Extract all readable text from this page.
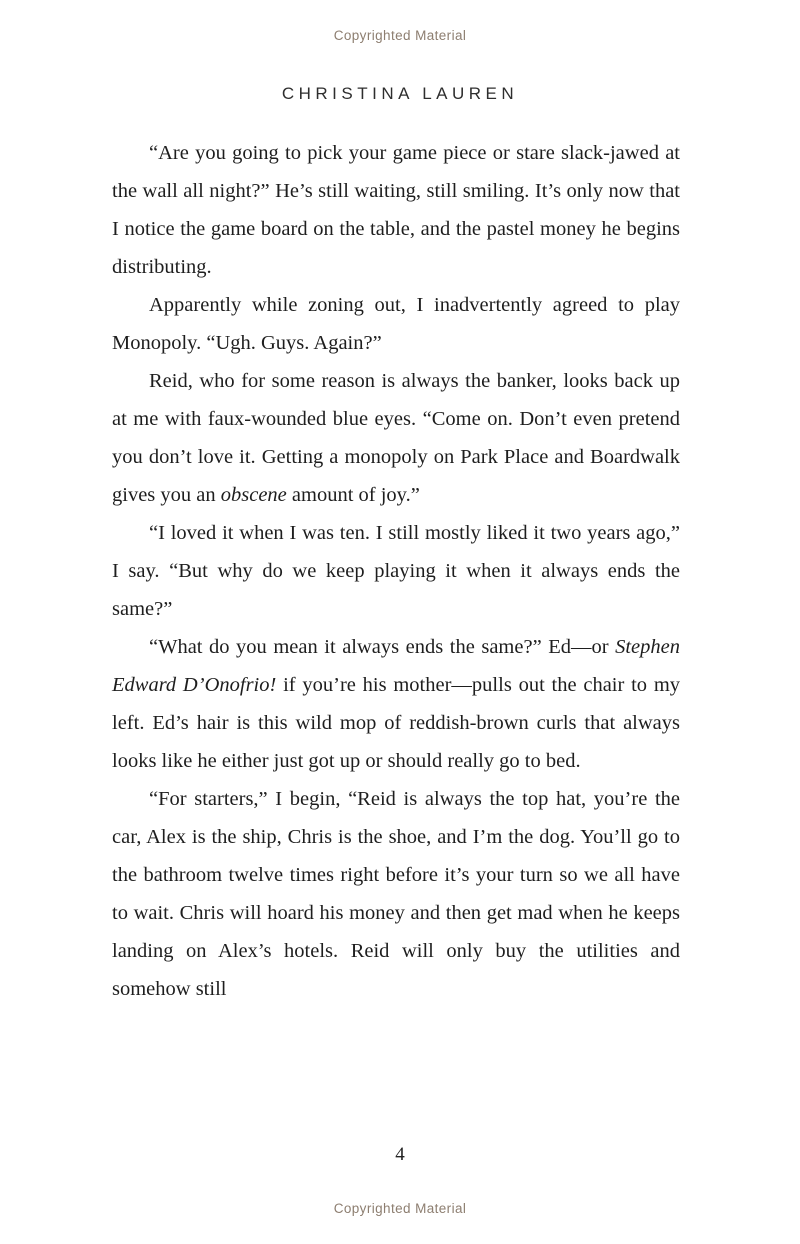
Copyrighted Material
CHRISTINA LAUREN

“Are you going to pick your game piece or stare slack-jawed at the wall all night?” He’s still waiting, still smiling. It’s only now that I notice the game board on the table, and the pastel money he begins distributing.

Apparently while zoning out, I inadvertently agreed to play Monopoly. “Ugh. Guys. Again?”

Reid, who for some reason is always the banker, looks back up at me with faux-wounded blue eyes. “Come on. Don’t even pretend you don’t love it. Getting a monopoly on Park Place and Boardwalk gives you an obscene amount of joy.”

“I loved it when I was ten. I still mostly liked it two years ago,” I say. “But why do we keep playing it when it always ends the same?”

“What do you mean it always ends the same?” Ed—or Stephen Edward D’Onofrio! if you’re his mother—pulls out the chair to my left. Ed’s hair is this wild mop of reddish-brown curls that always looks like he either just got up or should really go to bed.

“For starters,” I begin, “Reid is always the top hat, you’re the car, Alex is the ship, Chris is the shoe, and I’m the dog. You’ll go to the bathroom twelve times right before it’s your turn so we all have to wait. Chris will hoard his money and then get mad when he keeps landing on Alex’s hotels. Reid will only buy the utilities and somehow still

4
Copyrighted Material
